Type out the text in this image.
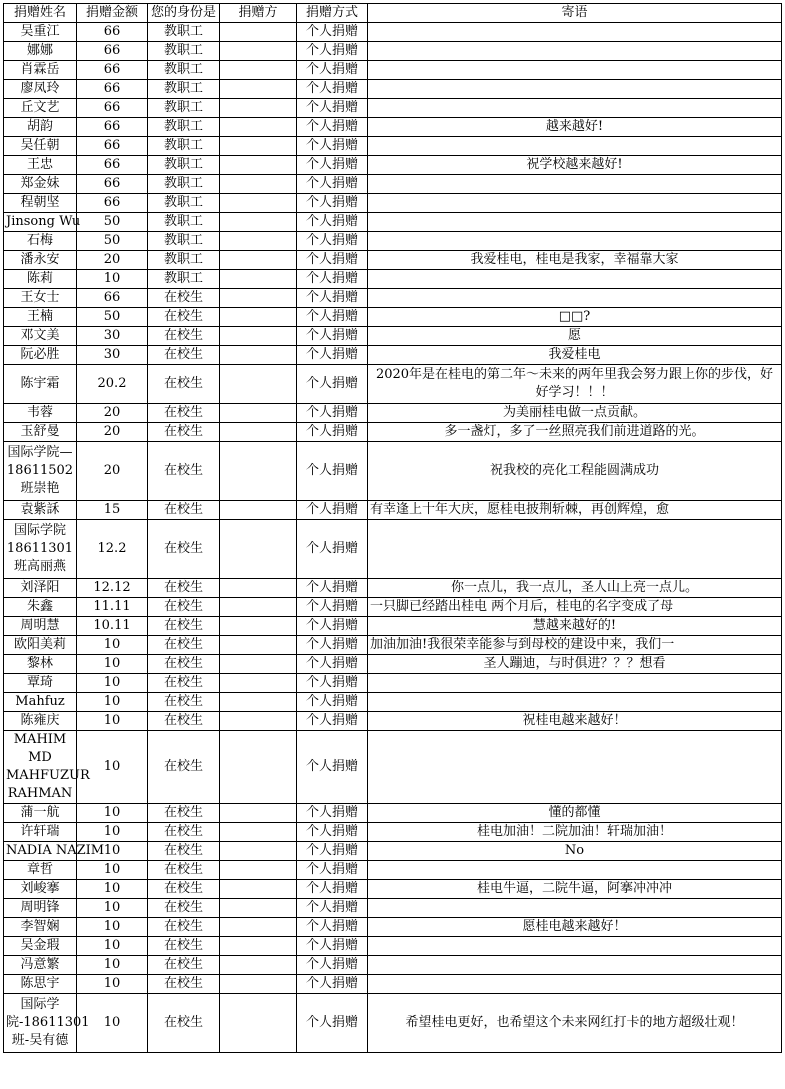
捐赠姓名	捐赠金额	您的身份是	捐赠方	捐赠方式	寄语
吴重江	66	教职工		个人捐赠	
娜娜	66	教职工		个人捐赠	
肖霖岳	66	教职工		个人捐赠	
廖凤玲	66	教职工		个人捐赠	
丘文艺	66	教职工		个人捐赠	
胡韵	66	教职工		个人捐赠	越来越好!
吴任朝	66	教职工		个人捐赠	
王忠	66	教职工		个人捐赠	祝学校越来越好!
郑金妹	66	教职工		个人捐赠	
程朝坚	66	教职工		个人捐赠	
Jinsong Wu	50	教职工		个人捐赠	
石梅	50	教职工		个人捐赠	
潘永安	20	教职工		个人捐赠	我爱桂电，桂电是我家，幸福靠大家
陈莉	10	教职工		个人捐赠	
王女士	66	在校生		个人捐赠	
王楠	50	在校生		个人捐赠	□□?
邓文美	30	在校生		个人捐赠	愿
阮必胜	30	在校生		个人捐赠	我爱桂电
陈宇霜	20.2	在校生		个人捐赠	2020年是在桂电的第二年～未来的两年里我会努力跟上你的步伐，好好学习！！！
韦蓉	20	在校生		个人捐赠	为美丽桂电做一点贡献。
玉舒曼	20	在校生		个人捐赠	多一盏灯，多了一丝照亮我们前进道路的光。
国际学院—18611502班崇艳	20	在校生		个人捐赠	祝我校的亮化工程能圆满成功
袁紫訸	15	在校生		个人捐赠	有幸逢上十年大庆，愿桂电披荆斩棘，再创辉煌，愈
国际学院18611301班高丽燕	12.2	在校生		个人捐赠	
刘泽阳	12.12	在校生		个人捐赠	你一点儿，我一点儿，圣人山上亮一点儿。
朱鑫	11.11	在校生		个人捐赠	一只脚已经踏出桂电 两个月后，桂电的名字变成了母
周明慧	10.11	在校生		个人捐赠	慧越来越好的!
欧阳美莉	10	在校生		个人捐赠	加油加油!我很荣幸能参与到母校的建设中来，我们一
黎林	10	在校生		个人捐赠	圣人蹦迪，与时俱进？？？想看
覃琦	10	在校生		个人捐赠	
Mahfuz	10	在校生		个人捐赠	
陈雍庆	10	在校生		个人捐赠	祝桂电越来越好！
MAHIM MD MAHFUZUR RAHMAN	10	在校生		个人捐赠	
蒲一航	10	在校生		个人捐赠	懂的都懂
许轩瑞	10	在校生		个人捐赠	桂电加油！二院加油！轩瑞加油！
NADIA NAZIM	10	在校生		个人捐赠	No
章哲	10	在校生		个人捐赠	
刘峻搴	10	在校生		个人捐赠	桂电牛逼，二院牛逼，阿搴冲冲冲
周明锋	10	在校生		个人捐赠	
李智娴	10	在校生		个人捐赠	愿桂电越来越好！
吴金瑕	10	在校生		个人捐赠	
冯意繁	10	在校生		个人捐赠	
陈思宇	10	在校生		个人捐赠	
国际学院-18611301班-吴有德	10	在校生		个人捐赠	希望桂电更好，也希望这个未来网红打卡的地方超级壮观！
